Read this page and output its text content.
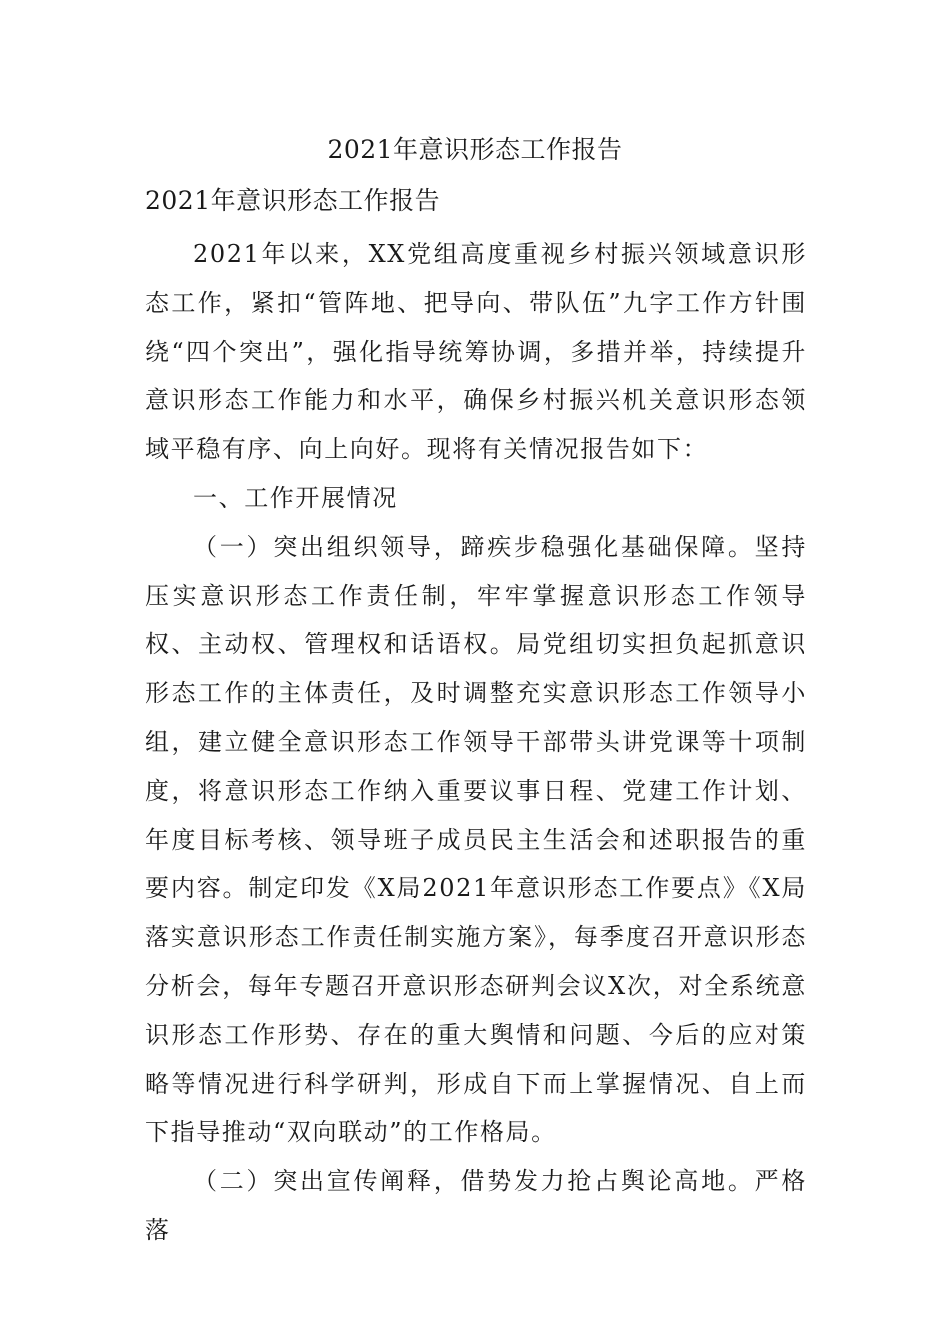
2021年意识形态工作报告

2021年意识形态工作报告

2021年以来，XX党组高度重视乡村振兴领域意识形态工作，紧扣“管阵地、把导向、带队伍”九字工作方针围绕“四个突出”，强化指导统筹协调，多措并举，持续提升意识形态工作能力和水平，确保乡村振兴机关意识形态领域平稳有序、向上向好。现将有关情况报告如下：

一、工作开展情况

（一）突出组织领导，蹄疾步稳强化基础保障。坚持压实意识形态工作责任制，牢牢掌握意识形态工作领导权、主动权、管理权和话语权。局党组切实担负起抓意识形态工作的主体责任，及时调整充实意识形态工作领导小组，建立健全意识形态工作领导干部带头讲党课等十项制度，将意识形态工作纳入重要议事日程、党建工作计划、年度目标考核、领导班子成员民主生活会和述职报告的重要内容。制定印发《X局2021年意识形态工作要点》《X局落实意识形态工作责任制实施方案》，每季度召开意识形态分析会，每年专题召开意识形态研判会议X次，对全系统意识形态工作形势、存在的重大舆情和问题、今后的应对策略等情况进行科学研判，形成自下而上掌握情况、自上而下指导推动“双向联动”的工作格局。

（二）突出宣传阐释，借势发力抢占舆论高地。严格落
